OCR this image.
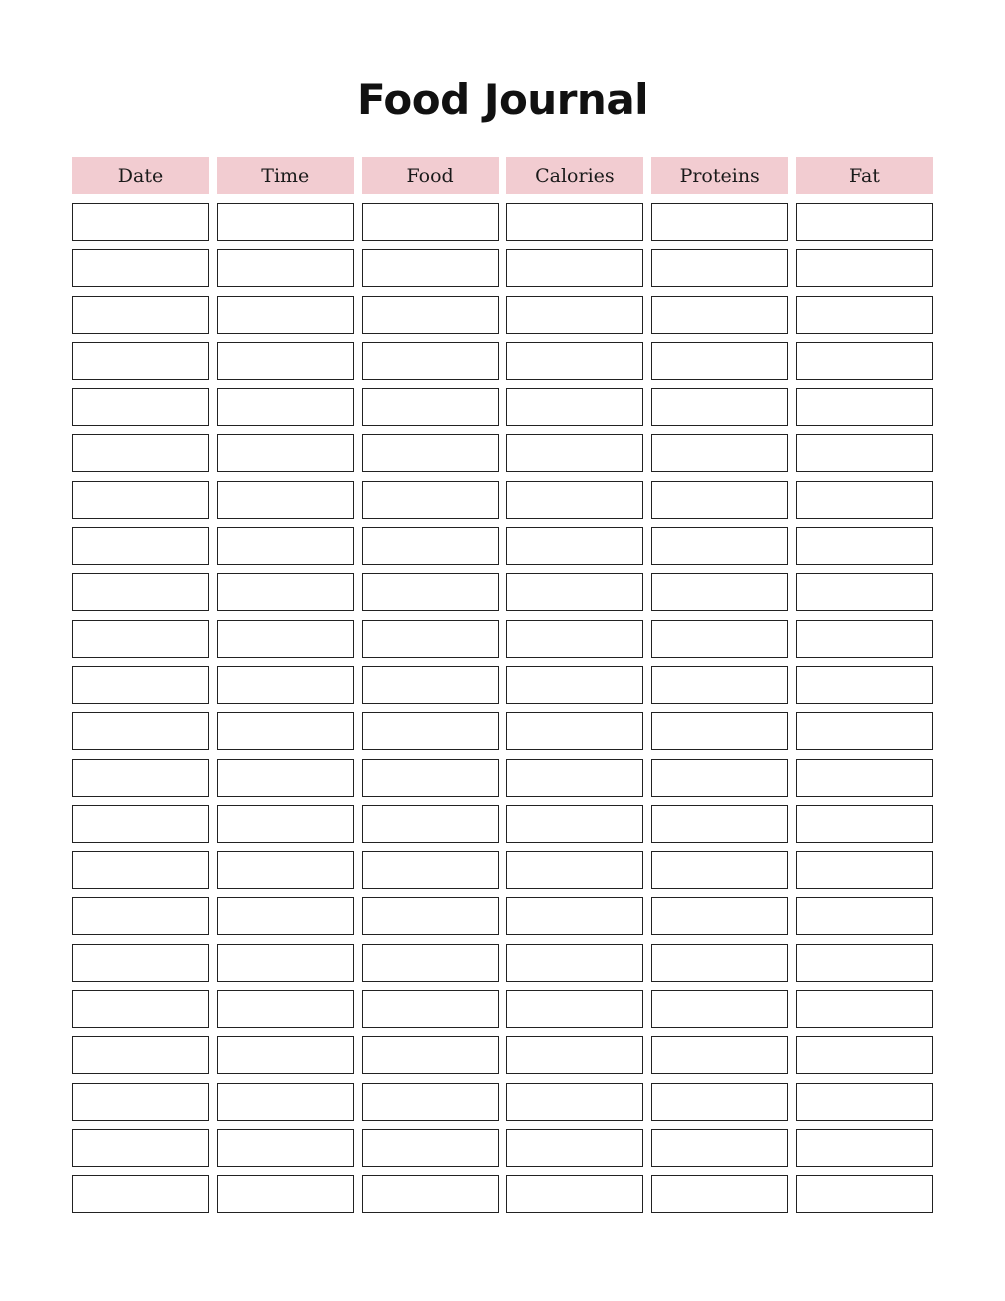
Food Journal
Date	Time	Food	Calories	Proteins	Fat
